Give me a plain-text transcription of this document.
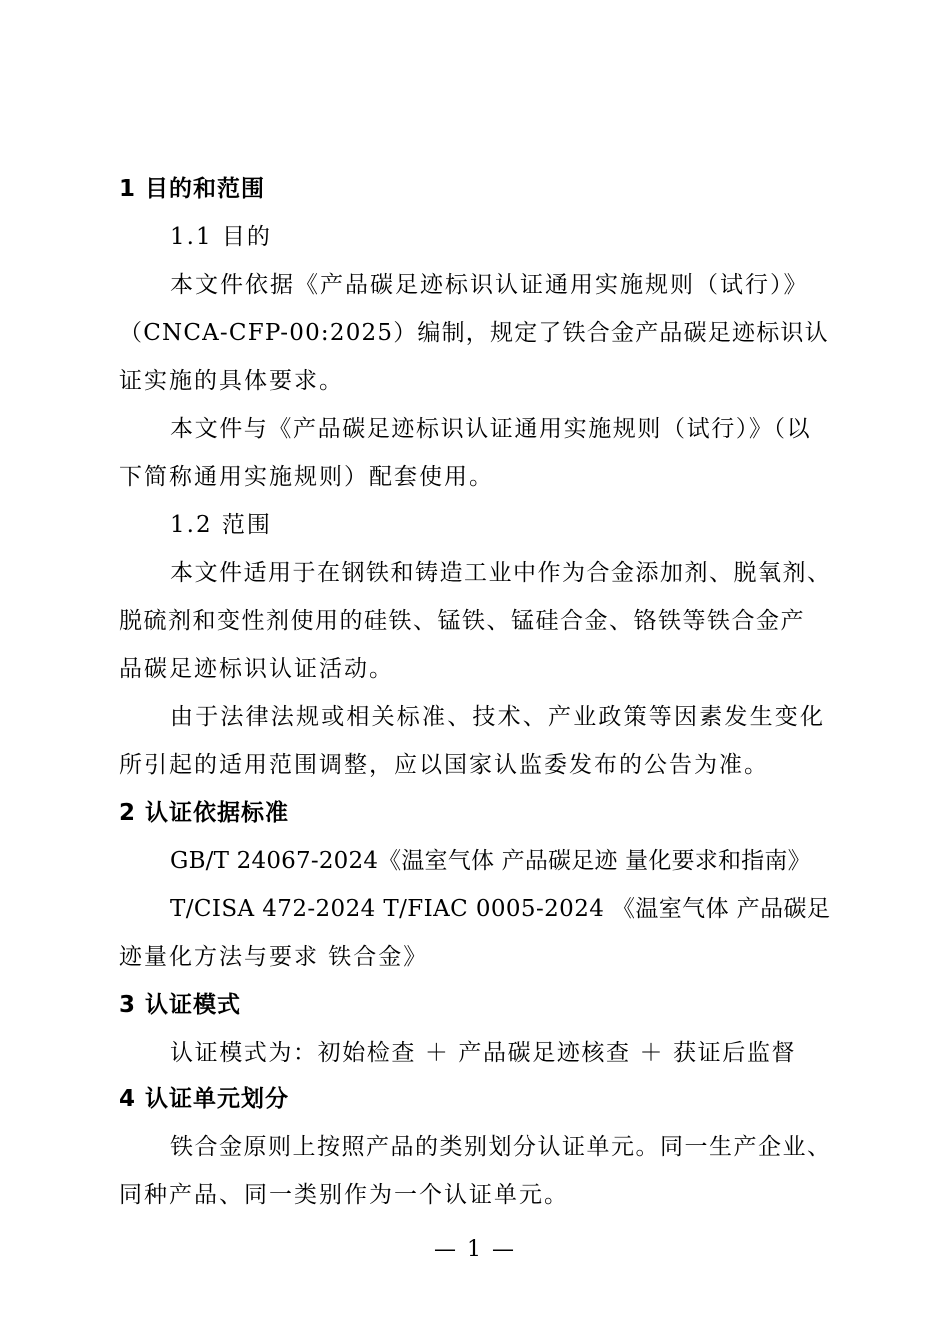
1 目的和范围
1.1 目的
本文件依据《产品碳足迹标识认证通用实施规则（试行）》
（CNCA-CFP-00:2025）编制，规定了铁合金产品碳足迹标识认
证实施的具体要求。
本文件与《产品碳足迹标识认证通用实施规则（试行）》（以
下简称通用实施规则）配套使用。
1.2 范围
本文件适用于在钢铁和铸造工业中作为合金添加剂、脱氧剂、
脱硫剂和变性剂使用的硅铁、锰铁、锰硅合金、铬铁等铁合金产
品碳足迹标识认证活动。
由于法律法规或相关标准、技术、产业政策等因素发生变化
所引起的适用范围调整，应以国家认监委发布的公告为准。
2 认证依据标准
GB/T 24067-2024《温室气体 产品碳足迹 量化要求和指南》
T/CISA 472-2024 T/FIAC 0005-2024 《温室气体 产品碳足
迹量化方法与要求 铁合金》
3 认证模式
认证模式为：初始检查 ＋ 产品碳足迹核查 ＋ 获证后监督
4 认证单元划分
铁合金原则上按照产品的类别划分认证单元。同一生产企业、
同种产品、同一类别作为一个认证单元。
— 1 —
